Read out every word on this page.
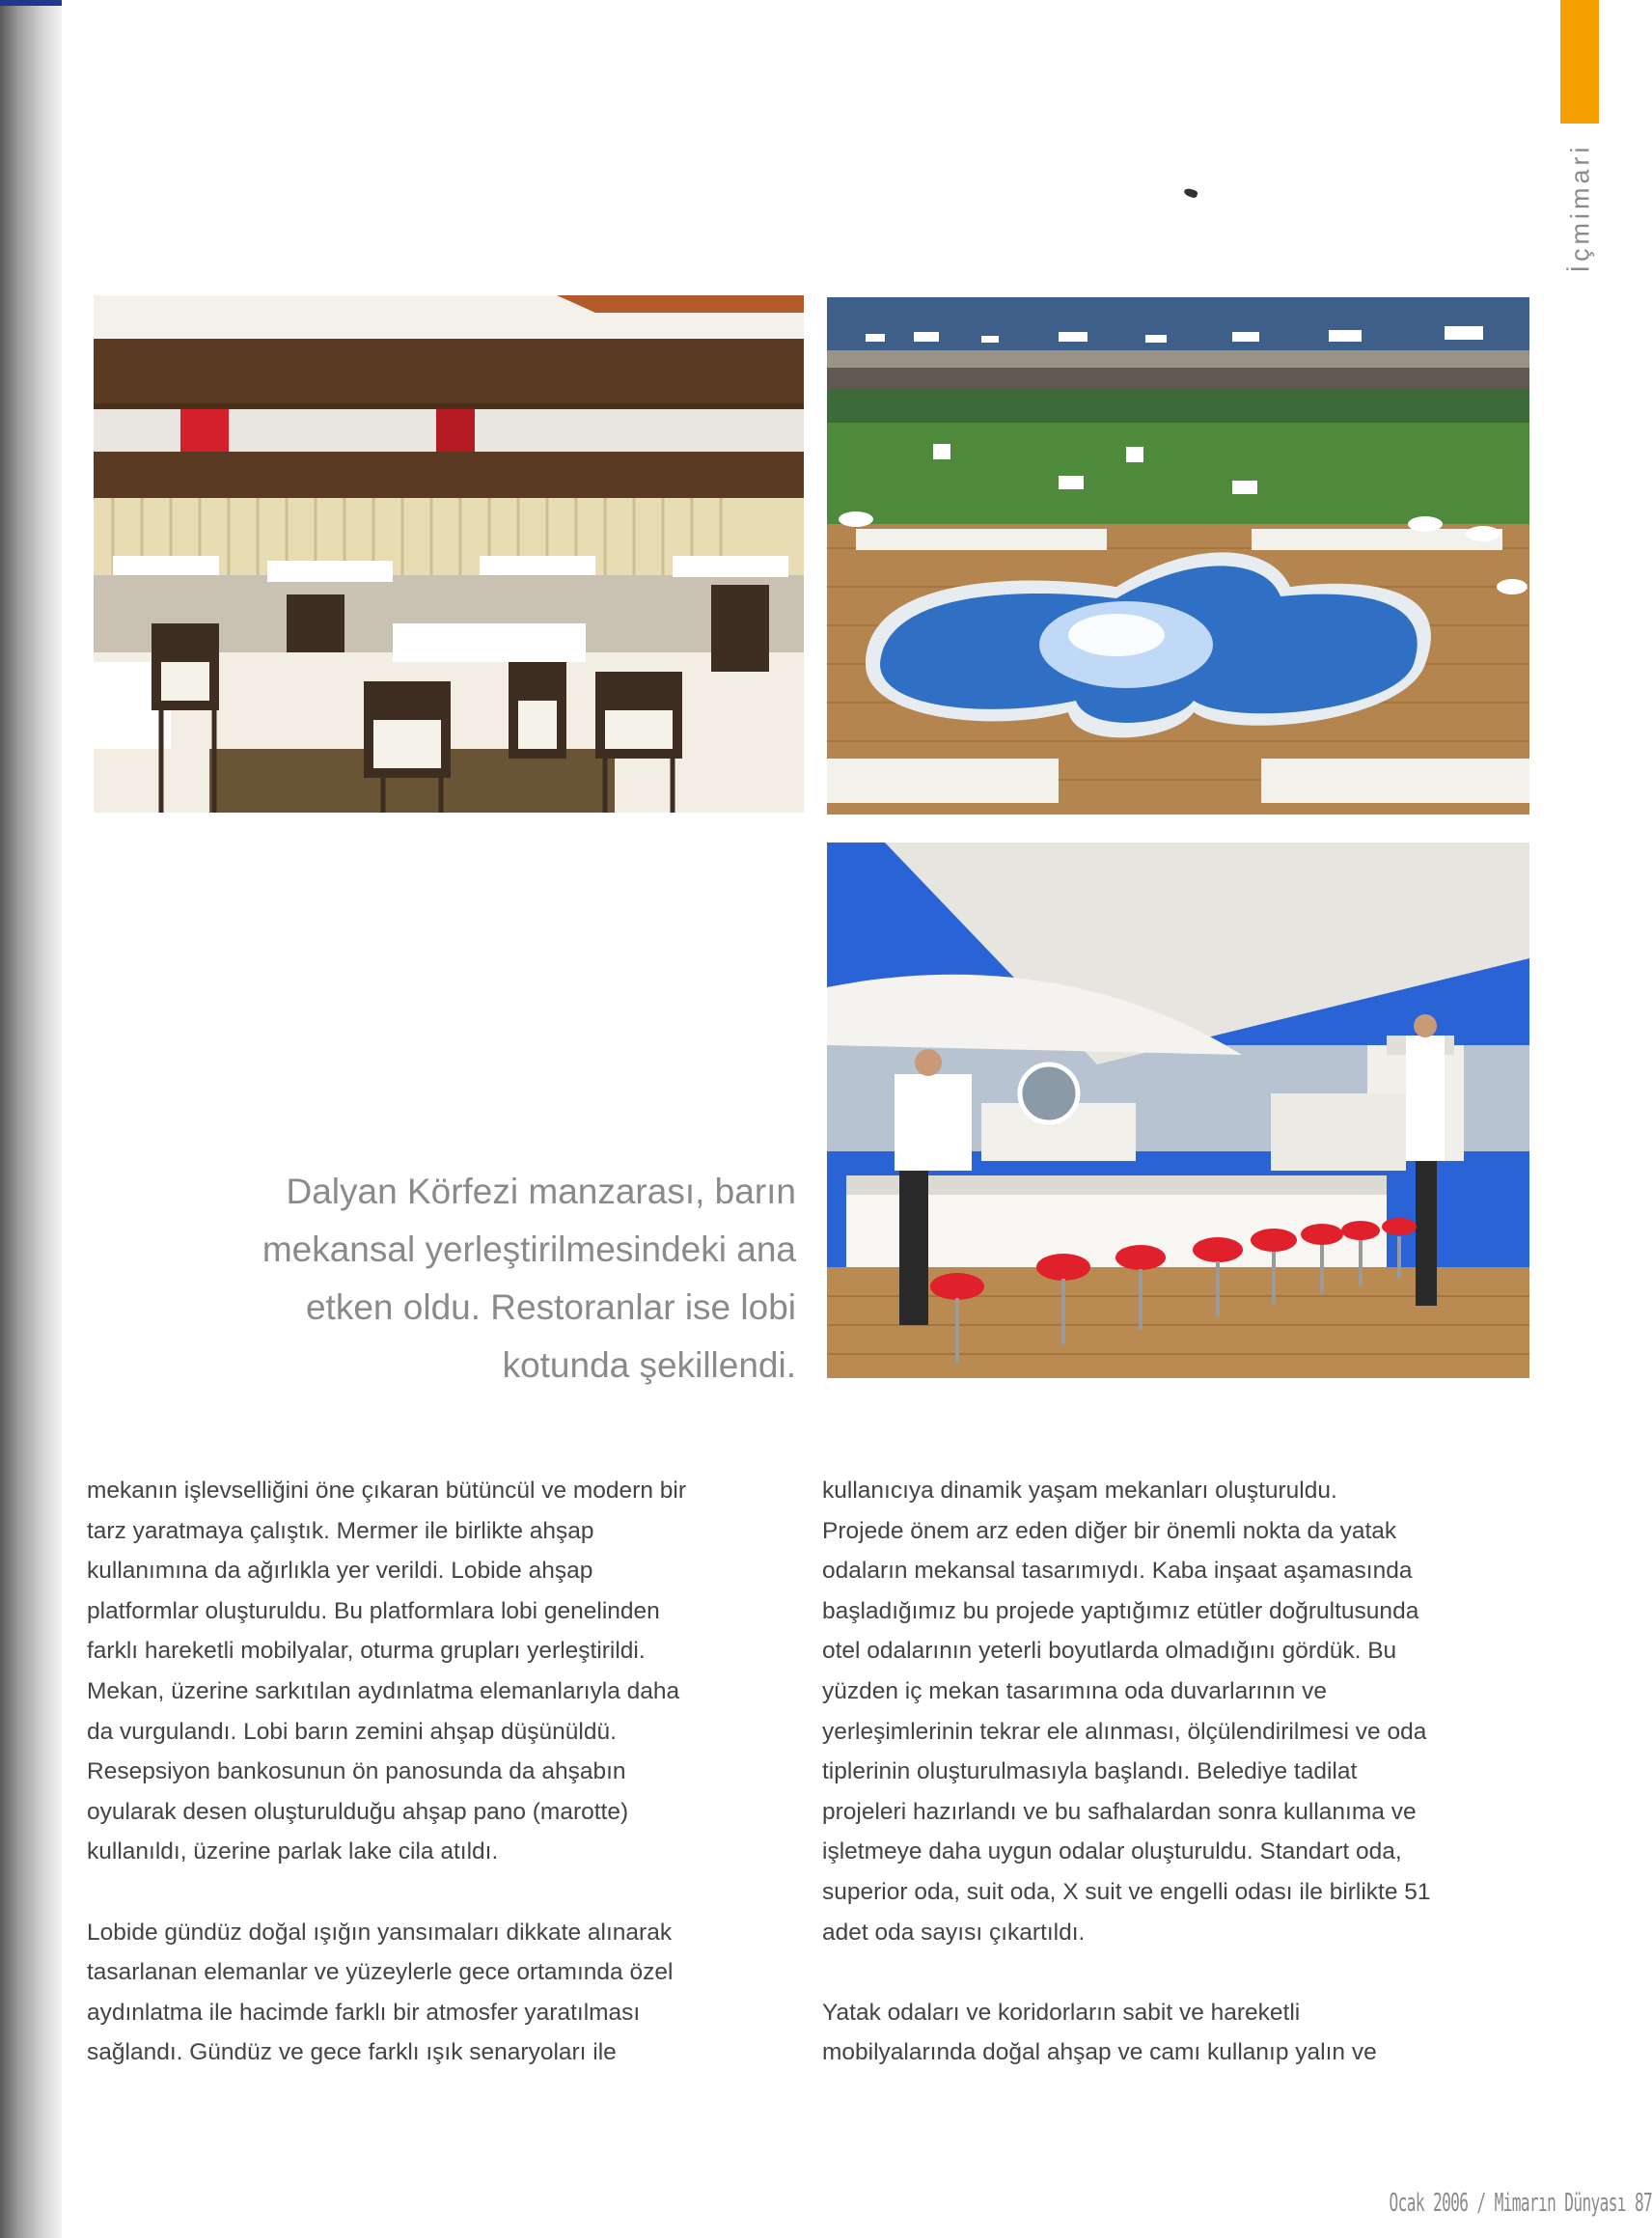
İçmimari

Dalyan Körfezi manzarası, barın

mekansal yerleştirilmesindeki ana

etken oldu. Restoranlar ise lobi

kotunda şekillendi.

mekanın işlevselliğini öne çıkaran bütüncül ve modern bir

tarz yaratmaya çalıştık. Mermer ile birlikte ahşap

kullanımına da ağırlıkla yer verildi. Lobide ahşap

platformlar oluşturuldu. Bu platformlara lobi genelinden

farklı hareketli mobilyalar, oturma grupları yerleştirildi.

Mekan, üzerine sarkıtılan aydınlatma elemanlarıyla daha

da vurgulandı. Lobi barın zemini ahşap düşünüldü.

Resepsiyon bankosunun ön panosunda da ahşabın

oyularak desen oluşturulduğu ahşap pano (marotte)

kullanıldı, üzerine parlak lake cila atıldı.

Lobide gündüz doğal ışığın yansımaları dikkate alınarak

tasarlanan elemanlar ve yüzeylerle gece ortamında özel

aydınlatma ile hacimde farklı bir atmosfer yaratılması

sağlandı. Gündüz ve gece farklı ışık senaryoları ile

kullanıcıya dinamik yaşam mekanları oluşturuldu.

Projede önem arz eden diğer bir önemli nokta da yatak

odaların mekansal tasarımıydı. Kaba inşaat aşamasında

başladığımız bu projede yaptığımız etütler doğrultusunda

otel odalarının yeterli boyutlarda olmadığını gördük. Bu

yüzden iç mekan tasarımına oda duvarlarının ve

yerleşimlerinin tekrar ele alınması, ölçülendirilmesi ve oda

tiplerinin oluşturulmasıyla başlandı. Belediye tadilat

projeleri hazırlandı ve bu safhalardan sonra kullanıma ve

işletmeye daha uygun odalar oluşturuldu. Standart oda,

superior oda, suit oda, X suit ve engelli odası ile birlikte 51

adet oda sayısı çıkartıldı.

Yatak odaları ve koridorların sabit ve hareketli

mobilyalarında doğal ahşap ve camı kullanıp yalın ve

Ocak 2006 / Mimarın Dünyası 87
